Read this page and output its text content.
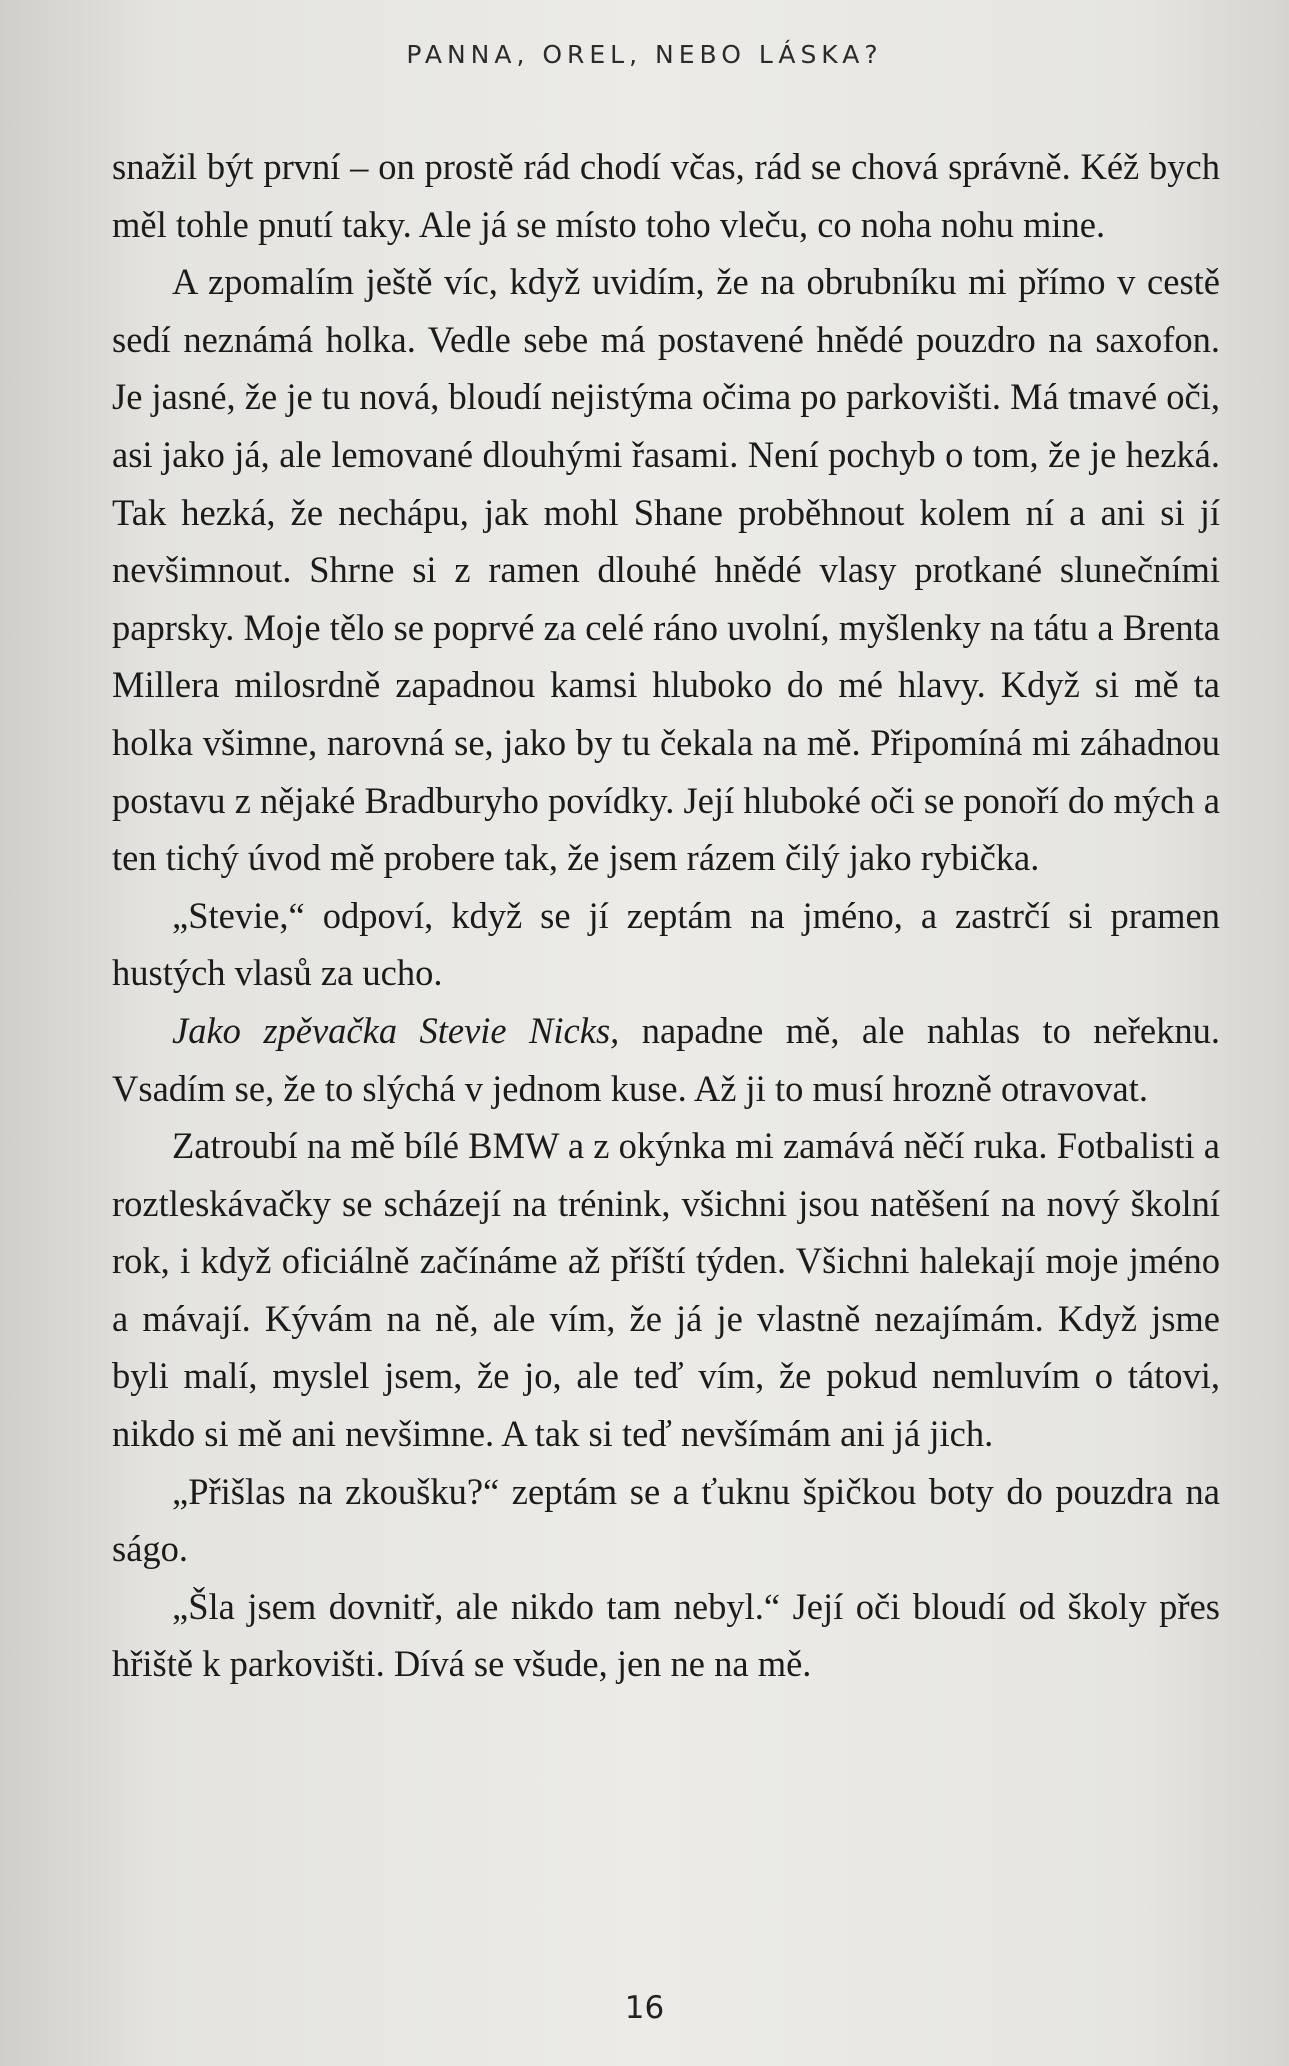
PANNA, OREL, NEBO LÁSKA?

snažil být první – on prostě rád chodí včas, rád se chová správně. Kéž bych měl tohle pnutí taky. Ale já se místo toho vleču, co noha nohu mine.

A zpomalím ještě víc, když uvidím, že na obrubníku mi přímo v cestě sedí neznámá holka. Vedle sebe má postavené hnědé pouzdro na saxofon. Je jasné, že je tu nová, bloudí nejistýma očima po parkovišti. Má tmavé oči, asi jako já, ale lemované dlouhými řasami. Není pochyb o tom, že je hezká. Tak hezká, že nechápu, jak mohl Shane proběhnout kolem ní a ani si jí nevšimnout. Shrne si z ramen dlouhé hnědé vlasy protkané slunečními paprsky. Moje tělo se poprvé za celé ráno uvolní, myšlenky na tátu a Brenta Millera milosrdně zapadnou kamsi hluboko do mé hlavy. Když si mě ta holka všimne, narovná se, jako by tu čekala na mě. Připomíná mi záhadnou postavu z nějaké Bradburyho povídky. Její hluboké oči se ponoří do mých a ten tichý úvod mě probere tak, že jsem rázem čilý jako rybička.

„Stevie,“ odpoví, když se jí zeptám na jméno, a zastrčí si pramen hustých vlasů za ucho.

Jako zpěvačka Stevie Nicks, napadne mě, ale nahlas to neřeknu. Vsadím se, že to slýchá v jednom kuse. Až ji to musí hrozně otravovat.

Zatroubí na mě bílé BMW a z okýnka mi zamává něčí ruka. Fotbalisti a roztleskávačky se scházejí na trénink, všichni jsou natěšení na nový školní rok, i když oficiálně začínáme až příští týden. Všichni halekají moje jméno a mávají. Kývám na ně, ale vím, že já je vlastně nezajímám. Když jsme byli malí, myslel jsem, že jo, ale teď vím, že pokud nemluvím o tátovi, nikdo si mě ani nevšimne. A tak si teď nevšímám ani já jich.

„Přišlas na zkoušku?“ zeptám se a ťuknu špičkou boty do pouzdra na ságo.

„Šla jsem dovnitř, ale nikdo tam nebyl.“ Její oči bloudí od školy přes hřiště k parkovišti. Dívá se všude, jen ne na mě.

16
